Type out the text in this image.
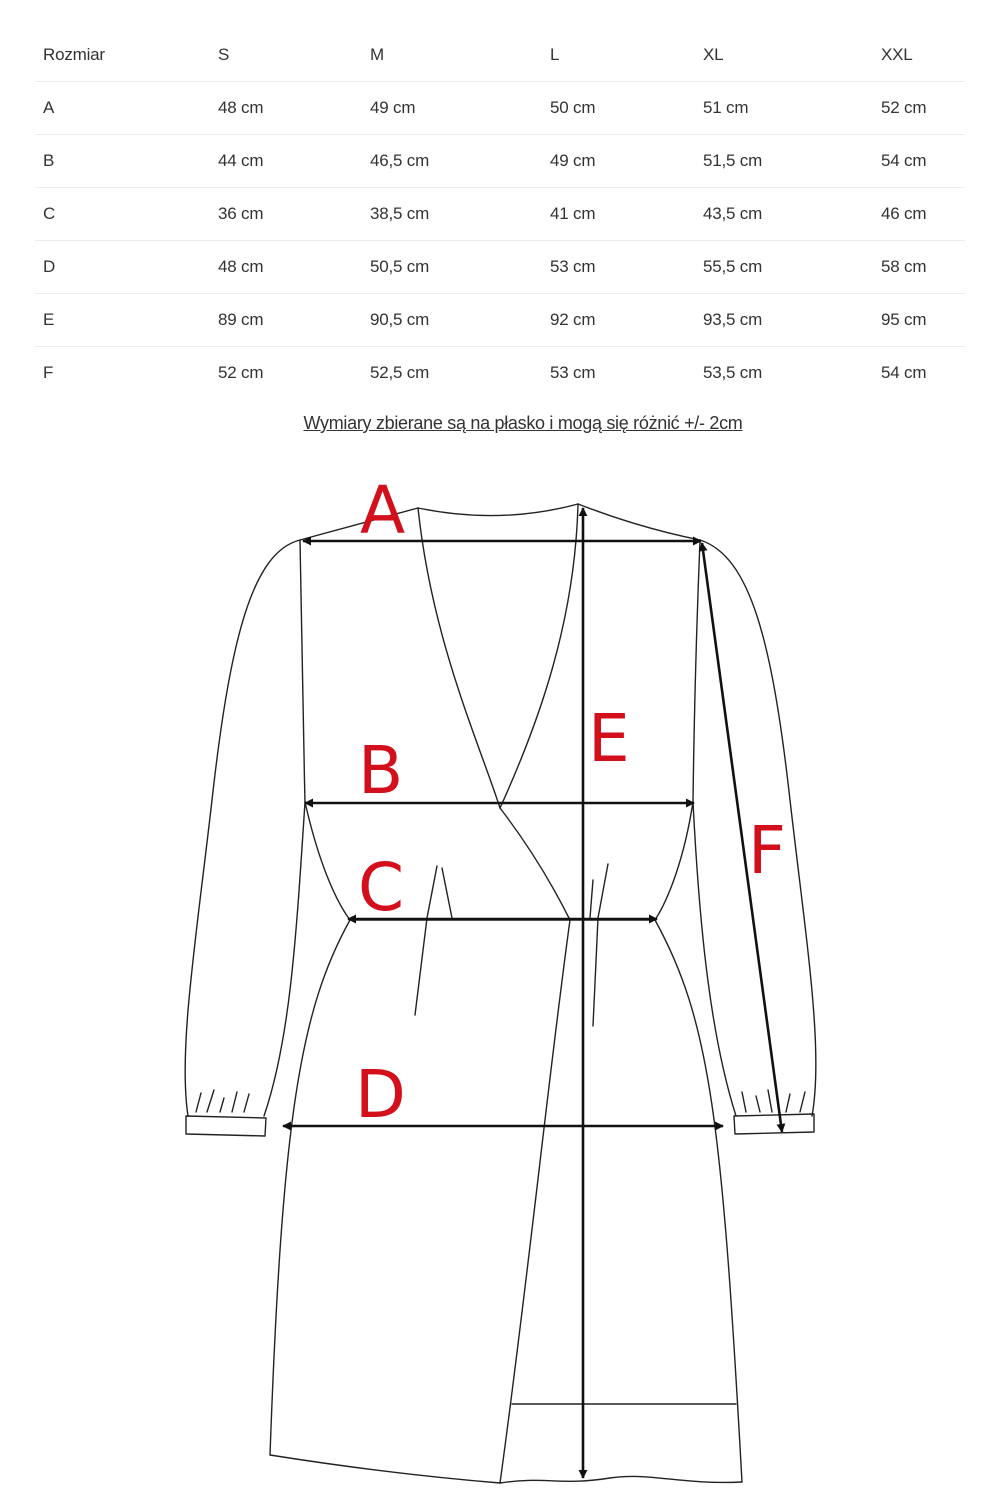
Rozmiar	S	M	L	XL	XXL
A	48 cm	49 cm	50 cm	51 cm	52 cm
B	44 cm	46,5 cm	49 cm	51,5 cm	54 cm
C	36 cm	38,5 cm	41 cm	43,5 cm	46 cm
D	48 cm	50,5 cm	53 cm	55,5 cm	58 cm
E	89 cm	90,5 cm	92 cm	93,5 cm	95 cm
F	52 cm	52,5 cm	53 cm	53,5 cm	54 cm
Wymiary zbierane są na płasko i mogą się różnić +/- 2cm
A
B
C
D
E
F
